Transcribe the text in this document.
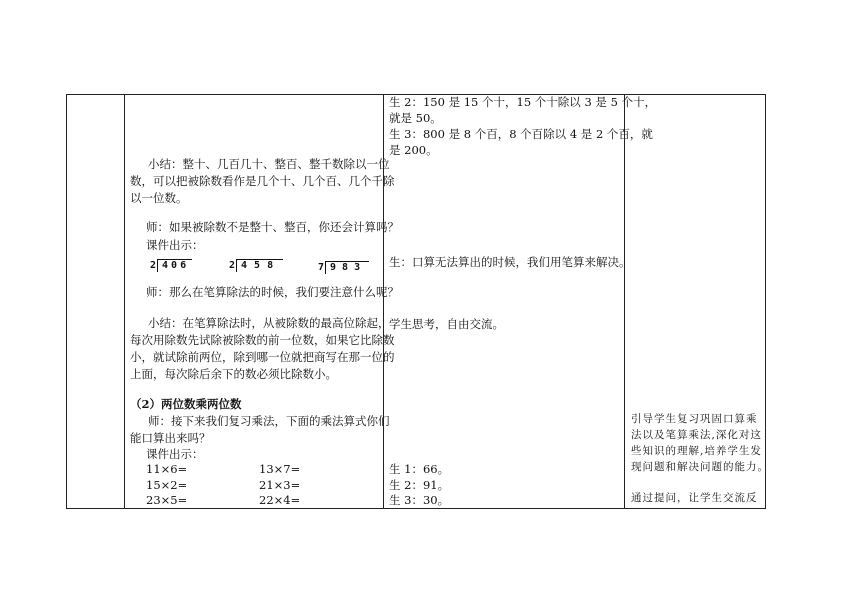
小结：整十、几百几十、整百、整千数除以一位
数，可以把被除数看作是几个十、几个百、几个千除
以一位数。
师：如果被除数不是整十、整百，你还会计算吗？
课件出示：
2 406	2 458	7 983
师：那么在笔算除法的时候，我们要注意什么呢？
小结：在笔算除法时，从被除数的最高位除起，
每次用除数先试除被除数的前一位数，如果它比除数
小，就试除前两位，除到哪一位就把商写在那一位的
上面，每次除后余下的数必须比除数小。
（2）两位数乘两位数
师：接下来我们复习乘法，下面的乘法算式你们
能口算出来吗？
课件出示：
11×6=	13×7=
15×2=	21×3=
23×5=	22×4=
生 2：150 是 15 个十，15 个十除以 3 是 5 个十，
就是 50。
生 3：800 是 8 个百，8 个百除以 4 是 2 个百，就
是 200。
生：口算无法算出的时候，我们用笔算来解决。
学生思考，自由交流。
生 1：66。
生 2：91。
生 3：30。
引导学生复习巩固口算乘
法以及笔算乘法,深化对这
些知识的理解,培养学生发
现问题和解决问题的能力。
通过提问，让学生交流反
